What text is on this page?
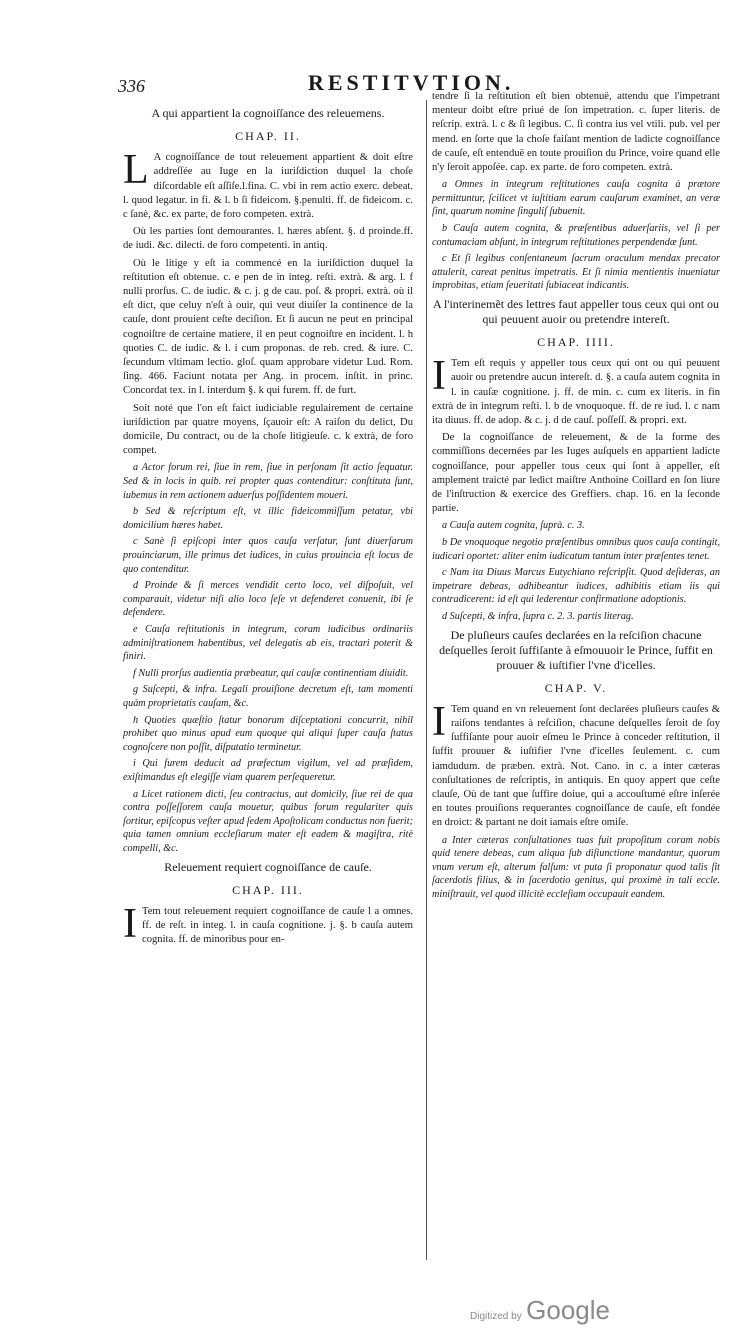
336	RESTITVTION.

A qui appartient la cognoiſſance des releuemens.

CHAP. II.

L A cognoiſſance de tout releuement appartient & doit eſtre addreſſée au Iuge en la iuriſdiction duquel la choſe diſcordable eſt aſſiſe.l.fina. C. vbi in rem actio exerc. debeat. l. quod legatur. in fi. & l. b ſi fideicom. §.penulti. ff. de fideicom. c. c ſanè, &c. ex parte, de foro competen. extrà.

Où les parties ſont demourantes. l. hæres abſent. §. d proinde.ff. de iudi. &c. dilecti. de foro competenti. in antiq.

Où le litige y eſt ia commencé en la iuriſdiction duquel la reſtitution eſt obtenue. c. e pen de in integ. reſti. extrà. & arg. l. f nulli prorſus. C. de iudic. & c. j. g de cau. poſ. & propri. extrà. où il eſt dict, que celuy n'eſt à ouir, qui veut diuiſer la continence de la cauſe, dont prouient ceſte deciſion. Et ſi aucun ne peut en principal cognoiſtre de certaine matiere, il en peut cognoiſtre en incident. l. h quoties C. de iudic. & l. i cum proponas. de reb. cred. & iure. C. ſecundum vltimam lectio. gloſ. quam approbare videtur Lud. Rom. ſing. 466. Faciunt notata per Ang. in procem. inſtit. in princ. Concordat tex. in l. interdum §. k qui furem. ff. de furt.

Soit noté que l'on eſt faict iudiciable regulairement de certaine iuriſdiction par quatre moyens, ſçauoir eſt: A raiſon du delict, Du domicile, Du contract, ou de la choſe litigieuſe. c. k extrà, de foro compet.

a Actor forum rei, ſiue in rem, ſiue in perſonam ſit actio ſequatur. Sed & in locis in quib. rei propter quas contenditur: conſtituta ſunt, iubemus in rem actionem aduerſus poſſidentem moueri.

b Sed & reſcriptum eſt, vt illic fideicommiſſum petatur, vbi domicilium hæres habet.

c Sanè ſi epiſcopi inter quos cauſa verſatur, ſunt diuerſarum prouinciarum, ille primus det iudices, in cuius prouincia eſt locus de quo contenditur.

d Proinde & ſi merces vendidit certo loco, vel diſpoſuit, vel comparauit, videtur niſi alio loco ſeſe vt defenderet conuenit, ibi ſe defendere.

e Cauſa reſtitutionis in integrum, coram iudicibus ordinariis adminiſtrationem habentibus, vel delegatis ab eis, tractari poterit & finiri.

f Nulli prorſus audientia præbeatur, qui cauſæ continentiam diuidit.

g Suſcepti, & infra. Legali prouiſione decretum eſt, tam momenti quàm proprietatis cauſam, &c.

h Quoties quæſtio ſtatur bonorum diſceptationi concurrit, nihil prohibet quo minus apud eum quoque qui aliqui ſuper cauſa ſtatus cognoſcere non poſſit, diſputatio terminetur.

i Qui furem deducit ad præfectum vigilum, vel ad præſidem, exiſtimandus eſt elegiſſe viam quarem perſequeretur.

a Licet rationem dicti, ſeu contractus, aut domicily, ſiue rei de qua contra poſſeſſorem cauſa mouetur, quibus forum regulariter quis ſortitur, epiſcopus veſter apud ſedem Apoſtolicam conductus non fuerit; quia tamen omnium eccleſiarum mater eſt eadem & magiſtra, ritè compelli, &c.

Releuement requiert cognoiſſance de cauſe.

CHAP. III.

I Tem tout releuement requiert cognoiſſance de cauſe l a omnes. ff. de reſt. in integ. l. in cauſa cognitione. j. §. b cauſa autem cognita. ff. de minoribus pour en-

tendre ſi la reſtitution eſt bien obtenuë, attendu que l'impetrant menteur doibt eſtre priué de ſon impetration. c. ſuper literis. de reſcrip. extrà. l. c & ſi legibus. C. ſi contra ius vel vtili. pub. vel per mend. en ſorte que la choſe faiſant mention de ladicte cognoiſſance de cauſe, eſt entenduë en toute prouiſion du Prince, voire quand elle n'y ſeroit appoſée. cap. ex parte. de foro competen. extrà.

a Omnes in integrum reſtitutiones cauſa cognita à prætore permittuntur, ſcilicet vt iuſtitiam earum cauſarum examinet, an veræ ſint, quarum nomine ſinguliſ ſubuenit.

b Cauſa autem cognita, & præſentibus aduerſariis, vel ſi per contumaciam abſunt, in integrum reſtitutiones perpendendæ ſunt.

c Et ſi legibus conſentaneum ſacrum oraculum mendax precator attulerit, careat penitus impetratis. Et ſi nimia mentientis inueniatur improbitas, etiam ſeueritati ſubiaceat indicantis.

A l'interinemẽt des lettres faut appeller tous ceux qui ont ou qui peuuent auoir ou pretendre intereſt.

CHAP. IIII.

I Tem eſt requis y appeller tous ceux qui ont ou qui peuuent auoir ou pretendre aucun intereſt. d. §. a cauſa autem cognita in l. in cauſæ cognitione. j. ff. de min. c. cum ex literis. in fin extrà de in integrum reſti. l. b de vnoquoque. ff. de re iud. l. c nam ita diuus. ff. de adop. & c. j. d de cauſ. poſſeſſ. & propri. ext.

De la cognoiſſance de releuement, & de la forme des commiſſions decernées par les Iuges auſquels en appartient ladicte cognoiſſance, pour appeller tous ceux qui ſont à appeller, eſt amplement traicté par ledict maiſtre Anthoine Coillard en ſon liure de l'inſtruction & exercice des Greffiers. chap. 16. en la ſeconde partie.

a Cauſa autem cognita, ſuprà. c. 3.

b De vnoquoque negotio præſentibus omnibus quos cauſa contingit, iudicari oportet: aliter enim iudicatum tantum inter præſentes tenet.

c Nam ita Diuus Marcus Eutychiano reſcripſit. Quod deſideras, an impetrare debeas, adhibeantur iudices, adhibitis etiam iis qui contradicerent: id eſt qui lederentur confirmatione adoptionis.

d Suſcepti, & infra, ſupra c. 2. 3. partis literag.

De pluſieurs cauſes declarées en la reſciſion chacune deſquelles ſeroit ſuffiſante à eſmouuoir le Prince, ſuffit en prouuer & iuſtifier l'vne d'icelles.

CHAP. V.

I Tem quand en vn releuement ſont declarées pluſieurs cauſes & raiſons tendantes à reſciſion, chacune deſquelles ſeroit de ſoy ſuffiſante pour auoir eſmeu le Prince à conceder reſtitution, il ſuffit prouuer & iuſtifier l'vne d'icelles ſeulement. c. cum iamdudum. de præben. extrà. Not. Cano. in c. a inter cæteras conſultationes de reſcriptis, in antiquis. En quoy appert que ceſte clauſe, Où de tant que ſuffire doiue, qui a accouſtumé eſtre inſerée en toutes prouiſions requerantes cognoiſſance de cauſe, eſt fondée en droict: & partant ne doit iamais eſtre omiſe.

a Inter cæteras conſultationes tuas fuit propoſitum coram nobis quid tenere debeas, cum aliqua ſub diſiunctione mandantur, quorum vnum verum eſt, alterum falſum: vt puta ſi proponatur quod talis ſit ſacerdotis filius, & in ſacerdotio genitus, qui proximè in tali eccle. miniſtrauit, vel quod illicitè eccleſiam occupauit eandem.

Digitized by Google
